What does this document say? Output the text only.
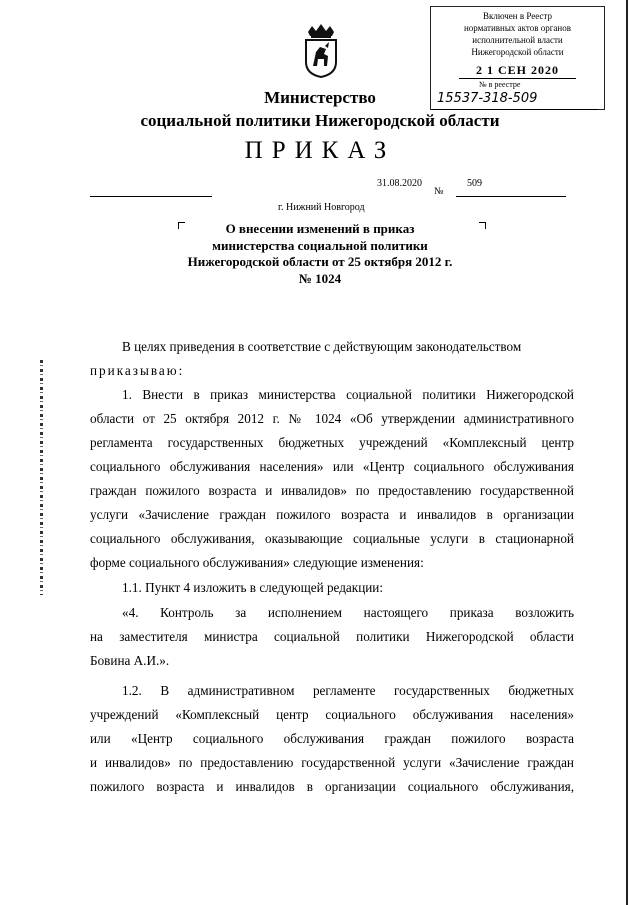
Включен в Реестр
нормативных актов органов
исполнительной власти
Нижегородской области
2 1 СЕН 2020
№ в реестре
15537-318-509
Министерство
социальной политики Нижегородской области
ПРИКАЗ
31.08.2020
№
509
г. Нижний Новгород
О внесении изменений в приказ
министерства социальной политики
Нижегородской области от 25 октября 2012 г.
№ 1024
В целях приведения в соответствие с действующим законодательством
приказываю:
1. Внести в приказ министерства социальной политики Нижегородской
области от 25 октября 2012 г. № 1024 «Об утверждении административного
регламента государственных бюджетных учреждений «Комплексный центр
социального обслуживания населения» или «Центр социального обслуживания
граждан пожилого возраста и инвалидов» по предоставлению государственной
услуги «Зачисление граждан пожилого возраста и инвалидов в организации
социального обслуживания, оказывающие социальные услуги в стационарной
форме социального обслуживания» следующие изменения:
1.1. Пункт 4 изложить в следующей редакции:
«4. Контроль за исполнением настоящего приказа возложить
на заместителя министра социальной политики Нижегородской области
Бовина А.И.».
1.2. В административном регламенте государственных бюджетных
учреждений «Комплексный центр социального обслуживания населения»
или «Центр социального обслуживания граждан пожилого возраста
и инвалидов» по предоставлению государственной услуги «Зачисление граждан
пожилого возраста и инвалидов в организации социального обслуживания,
